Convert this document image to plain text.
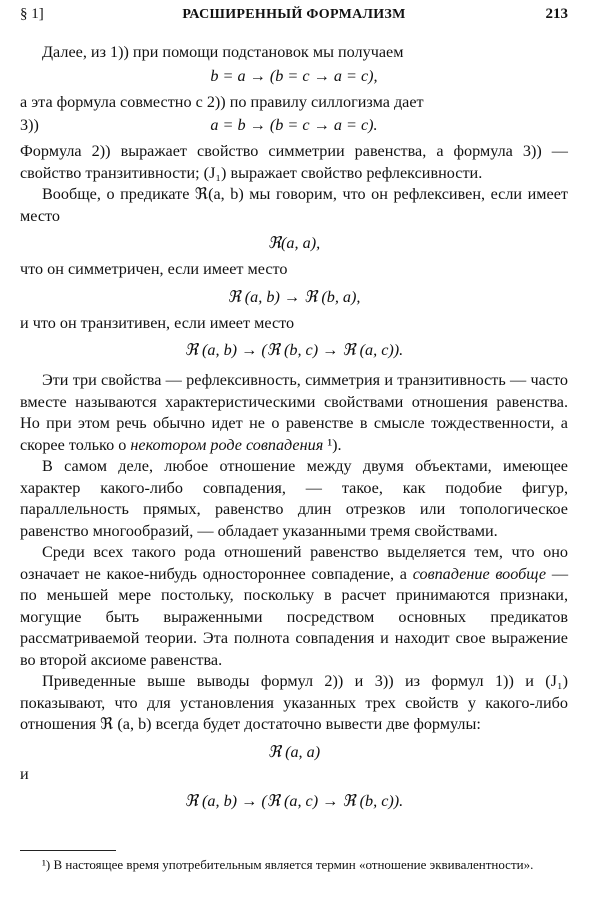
§ 1]	РАСШИРЕННЫЙ ФОРМАЛИЗМ	213

Далее, из 1)) при помощи подстановок мы получаем

b = a → (b = c → a = c),

а эта формула совместно с 2)) по правилу силлогизма дает

3))	a = b → (b = c → a = c).

Формула 2)) выражает свойство симметрии равенства, а формула 3)) — свойство транзитивности; (J₁) выражает свойство рефлексивности.

Вообще, о предикате ℜ(a, b) мы говорим, что он рефлексивен, если имеет место

ℜ(a, a),

что он симметричен, если имеет место

ℜ (a, b) → ℜ (b, a),

и что он транзитивен, если имеет место

ℜ (a, b) → (ℜ (b, c) → ℜ (a, c)).

Эти три свойства — рефлексивность, симметрия и транзитивность — часто вместе называются характеристическими свойствами отношения равенства. Но при этом речь обычно идет не о равенстве в смысле тождественности, а скорее только о некотором роде совпадения ¹).

В самом деле, любое отношение между двумя объектами, имеющее характер какого-либо совпадения, — такое, как подобие фигур, параллельность прямых, равенство длин отрезков или топологическое равенство многообразий, — обладает указанными тремя свойствами.

Среди всех такого рода отношений равенство выделяется тем, что оно означает не какое-нибудь одностороннее совпадение, а совпадение вообще — по меньшей мере постольку, поскольку в расчет принимаются признаки, могущие быть выраженными посредством основных предикатов рассматриваемой теории. Эта полнота совпадения и находит свое выражение во второй аксиоме равенства.

Приведенные выше выводы формул 2)) и 3)) из формул 1)) и (J₁) показывают, что для установления указанных трех свойств у какого-либо отношения ℜ (a, b) всегда будет достаточно вывести две формулы:

ℜ (a, a)

и

ℜ (a, b) → (ℜ (a, c) → ℜ (b, c)).
¹) В настоящее время употребительным является термин «отношение эквивалентности».
